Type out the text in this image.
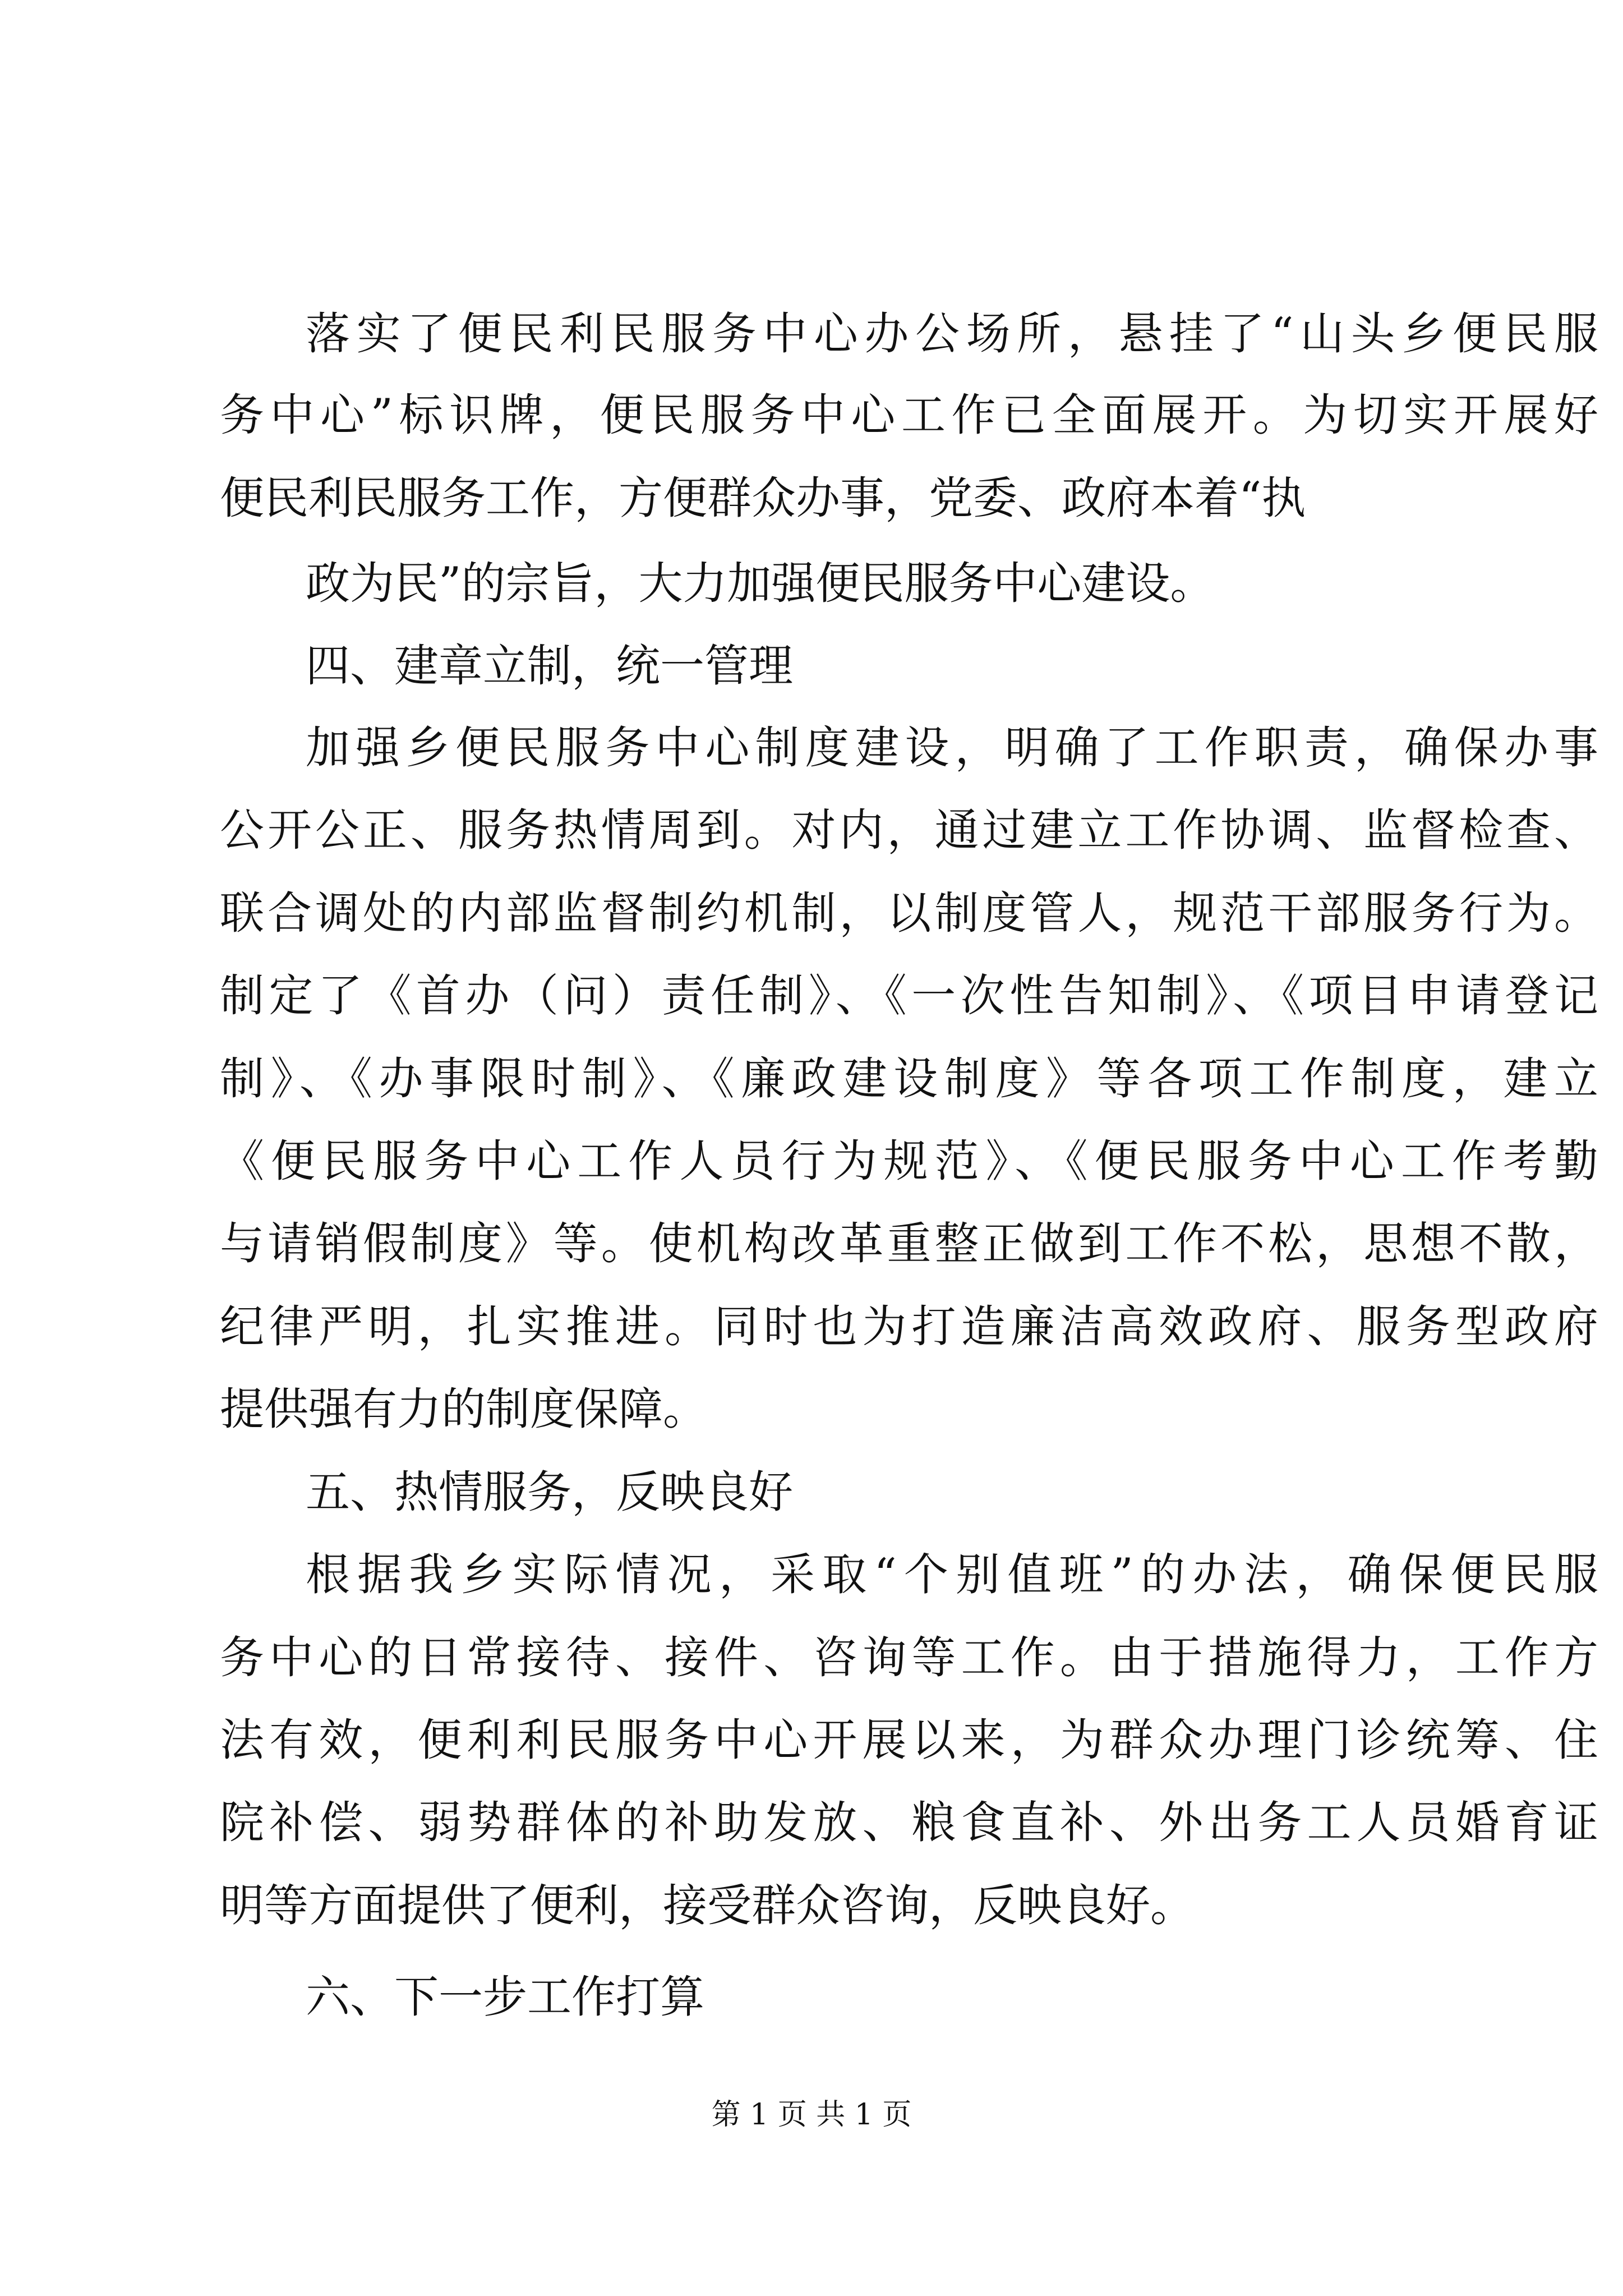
落实了便民利民服务中心办公场所，悬挂了“山头乡便民服
务中心”标识牌，便民服务中心工作已全面展开。为切实开展好
便民利民服务工作，方便群众办事，党委、政府本着“执
政为民”的宗旨，大力加强便民服务中心建设。
四、建章立制，统一管理
加强乡便民服务中心制度建设，明确了工作职责，确保办事
公开公正、服务热情周到。对内，通过建立工作协调、监督检查、
联合调处的内部监督制约机制，以制度管人，规范干部服务行为。
制定了《首办（问）责任制》、《一次性告知制》、《项目申请登记
制》、《办事限时制》、《廉政建设制度》等各项工作制度，建立
《便民服务中心工作人员行为规范》、《便民服务中心工作考勤
与请销假制度》等。使机构改革重整正做到工作不松，思想不散，
纪律严明，扎实推进。同时也为打造廉洁高效政府、服务型政府
提供强有力的制度保障。
五、热情服务，反映良好
根据我乡实际情况，采取“个别值班”的办法，确保便民服
务中心的日常接待、接件、咨询等工作。由于措施得力，工作方
法有效，便利利民服务中心开展以来，为群众办理门诊统筹、住
院补偿、弱势群体的补助发放、粮食直补、外出务工人员婚育证
明等方面提供了便利，接受群众咨询，反映良好。
六、下一步工作打算
第 1 页 共 1 页
